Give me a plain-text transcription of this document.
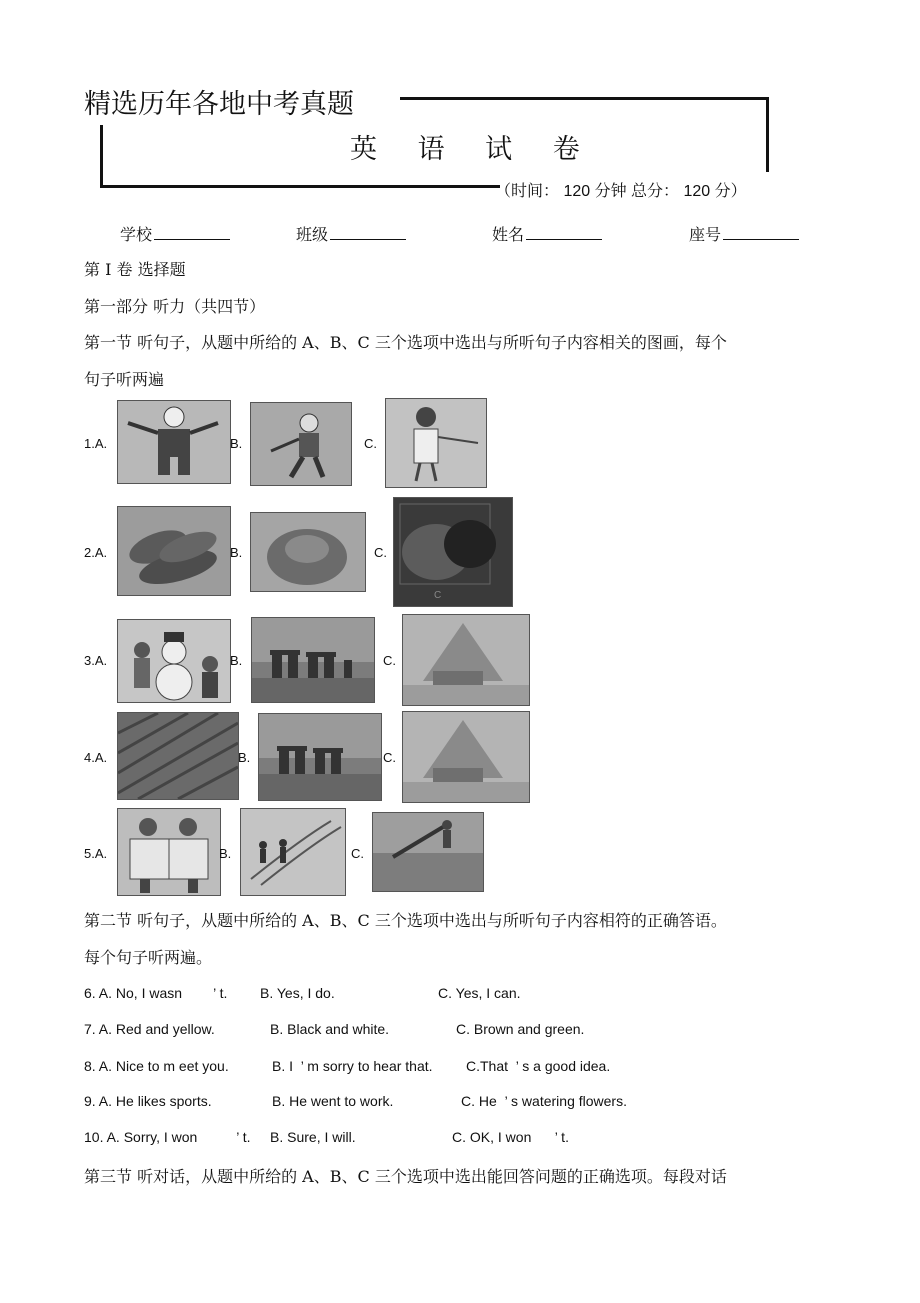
精选历年各地中考真题
英 语 试 卷
（时间： 120 分钟 总分： 120 分）
学校	班级	姓名	座号
第 I 卷 选择题
第一部分 听力（共四节）
第一节 听句子，从题中所给的 A、B、C 三个选项中选出与所听句子内容相关的图画，每个
句子听两遍
1.A.	B.	C.
2.A.	B.	C.
C
3.A.	B.	C.
4.A.	B.	C.
5.A.	B.	C.
第二节 听句子，从题中所给的 A、B、C 三个选项中选出与所听句子内容相符的正确答语。
每个句子听两遍。
6. A. No, I wasn        ’ t. B. Yes, I do.	C. Yes, I can.
7. A. Red and yellow.	B. Black and white.	C. Brown and green.
8. A. Nice to m eet you.	B. I  ’ m sorry to hear that. C.That  ’ s a good idea.
9. A. He likes sports.	B. He went to work.	C. He  ’ s watering flowers.
10. A. Sorry, I won          ’ t. B. Sure, I will.	C. OK, I won      ’ t.
第三节 听对话，从题中所给的 A、B、C 三个选项中选出能回答问题的正确选项。每段对话
